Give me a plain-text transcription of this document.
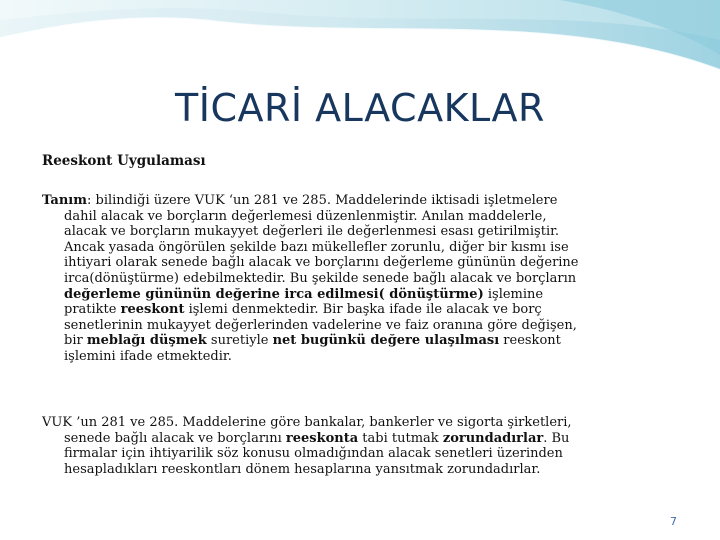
TİCARİ ALACAKLAR
Reeskont Uygulaması
Tanım: bilindiği üzere VUK ‘un 281 ve 285. Maddelerinde iktisadi işletmelere
dahil alacak ve borçların değerlemesi düzenlenmiştir. Anılan maddelerle,
alacak ve borçların mukayyet değerleri ile değerlenmesi esası getirilmiştir.
Ancak yasada öngörülen şekilde bazı mükellefler zorunlu, diğer bir kısmı ise
ihtiyari olarak senede bağlı alacak ve borçlarını değerleme gününün değerine
irca(dönüştürme) edebilmektedir. Bu şekilde senede bağlı alacak ve borçların
değerleme gününün değerine irca edilmesi( dönüştürme) işlemine
pratikte reeskont işlemi denmektedir. Bir başka ifade ile alacak ve borç
senetlerinin mukayyet değerlerinden vadelerine ve faiz oranına göre değişen,
bir meblağı düşmek suretiyle net bugünkü değere ulaşılması reeskont
işlemini ifade etmektedir.
VUK ’un 281 ve 285. Maddelerine göre bankalar, bankerler ve sigorta şirketleri,
senede bağlı alacak ve borçlarını reeskonta tabi tutmak zorundadırlar. Bu
firmalar için ihtiyarilik söz konusu olmadığından alacak senetleri üzerinden
hesapladıkları reeskontları dönem hesaplarına yansıtmak zorundadırlar.
7
